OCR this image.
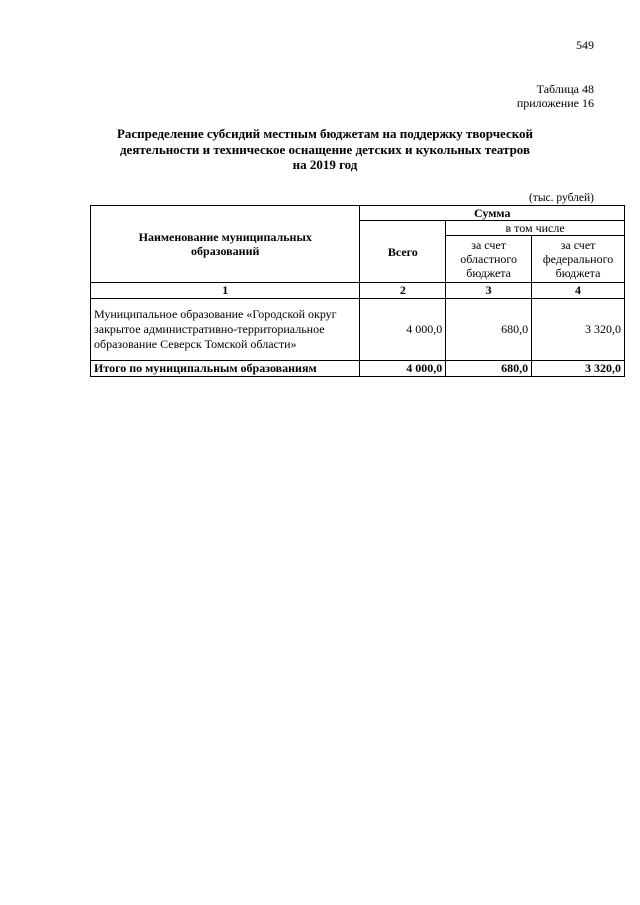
549
Таблица 48
приложение 16
Распределение субсидий местным бюджетам на поддержку творческой
деятельности и техническое оснащение детских и кукольных театров
на 2019 год
(тыс. рублей)
Наименование муниципальных образований	Сумма		
	Всего	в том числе	
		за счет областного бюджета	за счет федерального бюджета
1	2	3	4
Муниципальное образование «Городской округ закрытое административно-территориальное образование Северск Томской области»	4 000,0	680,0	3 320,0
Итого по муниципальным образованиям	4 000,0	680,0	3 320,0
